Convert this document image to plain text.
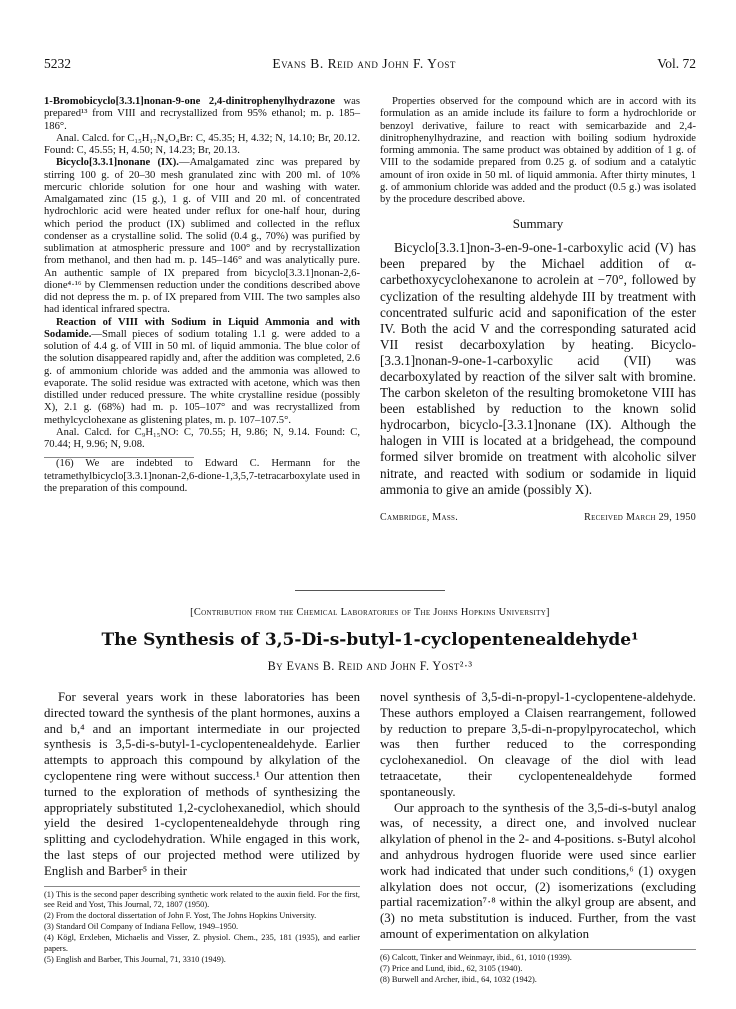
5232	Evans B. Reid and John F. Yost	Vol. 72

1-Bromobicyclo[3.3.1]nonan-9-one 2,4-dinitrophenylhydrazone was prepared¹³ from VIII and recrystallized from 95% ethanol; m. p. 185–186°.

Anal. Calcd. for C₁₅H₁₇N₄O₄Br: C, 45.35; H, 4.32; N, 14.10; Br, 20.12. Found: C, 45.55; H, 4.50; N, 14.23; Br, 20.13.

Bicyclo[3.3.1]nonane (IX).—Amalgamated zinc was prepared by stirring 100 g. of 20–30 mesh granulated zinc with 200 ml. of 10% mercuric chloride solution for one hour and washing with water. Amalgamated zinc (15 g.), 1 g. of VIII and 20 ml. of concentrated hydrochloric acid were heated under reflux for one-half hour, during which period the product (IX) sublimed and collected in the reflux condenser as a crystalline solid. The solid (0.4 g., 70%) was purified by sublimation at atmospheric pressure and 100° and by recrystallization from methanol, and then had m. p. 145–146° and was analytically pure. An authentic sample of IX prepared from bicyclo[3.3.1]nonan-2,6-dione⁴·¹⁶ by Clemmensen reduction under the conditions described above did not depress the m. p. of IX prepared from VIII. The two samples also had identical infrared spectra.

Reaction of VIII with Sodium in Liquid Ammonia and with Sodamide.—Small pieces of sodium totaling 1.1 g. were added to a solution of 4.4 g. of VIII in 50 ml. of liquid ammonia. The blue color of the solution disappeared rapidly and, after the addition was completed, 2.6 g. of ammonium chloride was added and the ammonia was allowed to evaporate. The solid residue was extracted with acetone, which was then distilled under reduced pressure. The white crystalline residue (possibly X), 2.1 g. (68%) had m. p. 105–107° and was recrystallized from methylcyclohexane as glistening plates, m. p. 107–107.5°.

Anal. Calcd. for C₉H₁₅NO: C, 70.55; H, 9.86; N, 9.14. Found: C, 70.44; H, 9.96; N, 9.08.

(16) We are indebted to Edward C. Hermann for the tetramethylbicyclo[3.3.1]nonan-2,6-dione-1,3,5,7-tetracarboxylate used in the preparation of this compound.

Properties observed for the compound which are in accord with its formulation as an amide include its failure to form a hydrochloride or benzoyl derivative, failure to react with semicarbazide and 2,4-dinitrophenylhydrazine, and reaction with boiling sodium hydroxide forming ammonia. The same product was obtained by addition of 1 g. of VIII to the sodamide prepared from 0.25 g. of sodium and a catalytic amount of iron oxide in 50 ml. of liquid ammonia. After thirty minutes, 1 g. of ammonium chloride was added and the product (0.5 g.) was isolated by the procedure described above.

Summary

Bicyclo[3.3.1]non-3-en-9-one-1-carboxylic acid (V) has been prepared by the Michael addition of α-carbethoxycyclohexanone to acrolein at −70°, followed by cyclization of the resulting aldehyde III by treatment with concentrated sulfuric acid and saponification of the ester IV. Both the acid V and the corresponding saturated acid VII resist decarboxylation by heating. Bicyclo-[3.3.1]nonan-9-one-1-carboxylic acid (VII) was decarboxylated by reaction of the silver salt with bromine. The carbon skeleton of the resulting bromoketone VIII has been established by reduction to the known solid hydrocarbon, bicyclo-[3.3.1]nonane (IX). Although the halogen in VIII is located at a bridgehead, the compound formed silver bromide on treatment with alcoholic silver nitrate, and reacted with sodium or sodamide in liquid ammonia to give an amide (possibly X).

Cambridge, Mass.	Received March 29, 1950
[Contribution from the Chemical Laboratories of The Johns Hopkins University]
The Synthesis of 3,5-Di-s-butyl-1-cyclopentenealdehyde¹
By Evans B. Reid and John F. Yost²·³

For several years work in these laboratories has been directed toward the synthesis of the plant hormones, auxins a and b,⁴ and an important intermediate in our projected synthesis is 3,5-di-s-butyl-1-cyclopentenealdehyde. Earlier attempts to approach this compound by alkylation of the cyclopentene ring were without success.¹ Our attention then turned to the exploration of methods of synthesizing the appropriately substituted 1,2-cyclohexanediol, which should yield the desired 1-cyclopentenealdehyde through ring splitting and cyclodehydration. While engaged in this work, the last steps of our projected method were utilized by English and Barber⁵ in their

(1) This is the second paper describing synthetic work related to the auxin field. For the first, see Reid and Yost, This Journal, 72, 1807 (1950).

(2) From the doctoral dissertation of John F. Yost, The Johns Hopkins University.

(3) Standard Oil Company of Indiana Fellow, 1949–1950.

(4) Kögl, Erxleben, Michaelis and Visser, Z. physiol. Chem., 235, 181 (1935), and earlier papers.

(5) English and Barber, This Journal, 71, 3310 (1949).

novel synthesis of 3,5-di-n-propyl-1-cyclopentene-aldehyde. These authors employed a Claisen rearrangement, followed by reduction to prepare 3,5-di-n-propylpyrocatechol, which was then further reduced to the corresponding cyclohexanediol. On cleavage of the diol with lead tetraacetate, their cyclopentenealdehyde formed spontaneously.

Our approach to the synthesis of the 3,5-di-s-butyl analog was, of necessity, a direct one, and involved nuclear alkylation of phenol in the 2- and 4-positions. s-Butyl alcohol and anhydrous hydrogen fluoride were used since earlier work had indicated that under such conditions,⁶ (1) oxygen alkylation does not occur, (2) isomerizations (excluding partial racemization⁷·⁸ within the alkyl group are absent, and (3) no meta substitution is induced. Further, from the vast amount of experimentation on alkylation

(6) Calcott, Tinker and Weinmayr, ibid., 61, 1010 (1939).

(7) Price and Lund, ibid., 62, 3105 (1940).

(8) Burwell and Archer, ibid., 64, 1032 (1942).
